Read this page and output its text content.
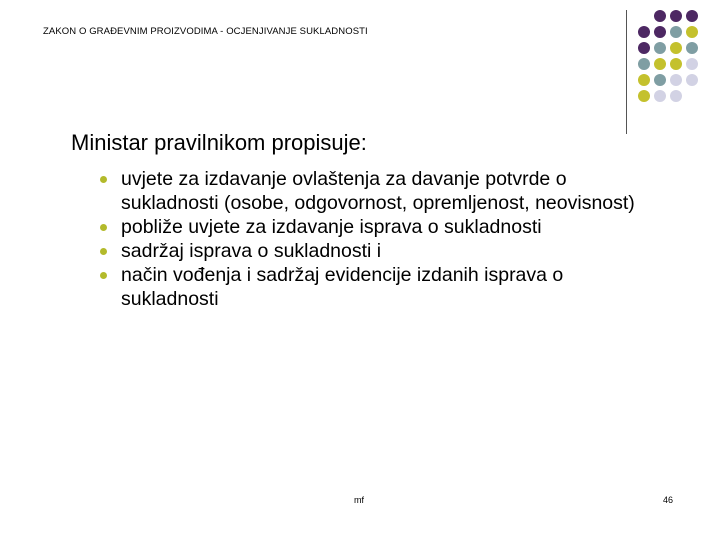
ZAKON O GRAĐEVNIM PROIZVODIMA - OCJENJIVANJE SUKLADNOSTI
Ministar pravilnikom propisuje:
uvjete za izdavanje ovlaštenja za davanje potvrde o sukladnosti (osobe, odgovornost, opremljenost, neovisnost)
pobliže uvjete za izdavanje isprava o sukladnosti
sadržaj isprava o sukladnosti i
način vođenja i sadržaj evidencije izdanih isprava o sukladnosti
mf	46
